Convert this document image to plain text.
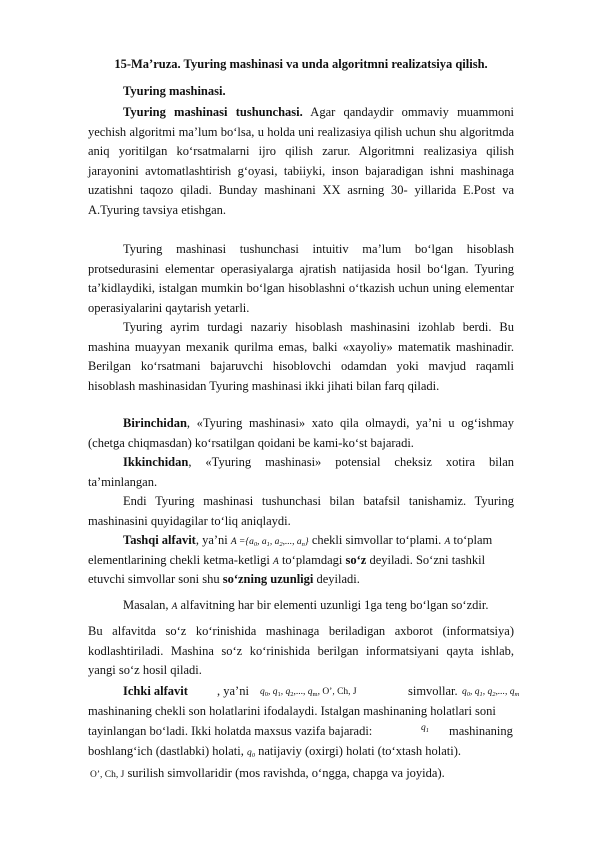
15-Ma’ruza. Tyuring mashinasi va unda algoritmni realizatsiya qilish.

Tyuring mashinasi.

Tyuring mashinasi tushunchasi. Agar qandaydir ommaviy muammoni yechish algoritmi ma’lum bo‘lsa, u holda uni realizasiya qilish uchun shu algoritmda aniq yoritilgan ko‘rsatmalarni ijro qilish zarur. Algoritmni realizasiya qilish jarayonini avtomatlashtirish g‘oyasi, tabiiyki, inson bajaradigan ishni mashinaga uzatishni taqozo qiladi. Bunday mashinani XX asrning 30- yillarida E.Post va A.Tyuring tavsiya etishgan.

Tyuring mashinasi tushunchasi intuitiv ma’lum bo‘lgan hisoblash protsedurasini elementar operasiyalarga ajratish natijasida hosil bo‘lgan. Tyuring ta’kidlaydiki, istalgan mumkin bo‘lgan hisoblashni o‘tkazish uchun uning elementar operasiyalarini qaytarish yetarli.

Tyuring ayrim turdagi nazariy hisoblash mashinasini izohlab berdi. Bu mashina muayyan mexanik qurilma emas, balki «xayoliy» matematik mashinadir. Berilgan ko‘rsatmani bajaruvchi hisoblovchi odamdan yoki mavjud raqamli hisoblash mashinasidan Tyuring mashinasi ikki jihati bilan farq qiladi.

Birinchidan, «Tyuring mashinasi» xato qila olmaydi, ya’ni u og‘ishmay (chetga chiqmasdan) ko‘rsatilgan qoidani be kami-ko‘st bajaradi.

Ikkinchidan, «Tyuring mashinasi» potensial cheksiz xotira bilan ta’minlangan.

Endi Tyuring mashinasi tushunchasi bilan batafsil tanishamiz. Tyuring mashinasini quyidagilar to‘liq aniqlaydi.

Tashqi alfavit, ya’ni $A =\{a_0$, $a_1$, $a_2$,..., $a_n$} chekli simvollar to‘plami. A to‘plam

elementlarining chekli ketma-ketligi A to‘plamdagi so‘z deyiladi. So‘zni tashkil

etuvchi simvollar soni shu so‘zning uzunligi deyiladi.

Masalan, A alfavitning har bir elementi uzunligi 1ga teng bo‘lgan so‘zdir.

Bu alfavitda so‘z ko‘rinishida mashinaga beriladigan axborot (informatsiya) kodlashtiriladi. Mashina so‘z ko‘rinishida berilgan informatsiyani qayta ishlab, yangi so‘z hosil qiladi.

Ichki alfavit , ya’ni $q_0$, $q_1$, $q_2$,..., $q_m$, O’, Ch, J	simvollar. $q_0$, $q_1$, $q_2$,..., $q_m$

mashinaning chekli son holatlarini ifodalaydi. Istalgan mashinaning holatlari soni

tayinlangan bo‘ladi. Ikki holatda maxsus vazifa bajaradi:	$q_1$ mashinaning

boshlang‘ich (dastlabki) holati, $q_0$ natijaviy (oxirgi) holati (to‘xtash holati).

O’, Ch, J surilish simvollaridir (mos ravishda, o‘ngga, chapga va joyida).
